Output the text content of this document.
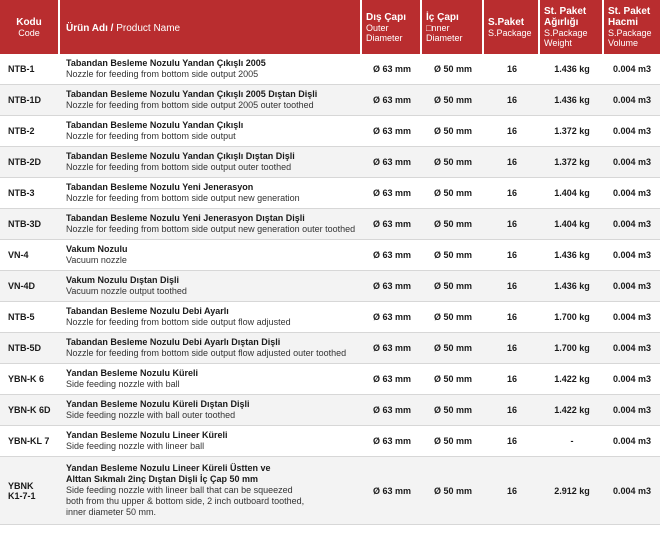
Kodu
Code	Ürün Adı / Product Name	Dış Çapı
Outer
Diameter	İç Çapı
□nner
Diameter	S.Paket
S.Package	St. Paket
Ağırlığı
S.Package
Weight	St. Paket
Hacmi
S.Package
Volume

NTB-1	Tabandan Besleme Nozulu Yandan Çıkışlı 2005
Nozzle for feeding from bottom side output 2005	Ø 63 mm	Ø 50 mm	16	1.436 kg	0.004 m3
NTB-1D	Tabandan Besleme Nozulu Yandan Çıkışlı 2005 Dıştan Dişli
Nozzle for feeding from bottom side output 2005 outer toothed	Ø 63 mm	Ø 50 mm	16	1.436 kg	0.004 m3
NTB-2	Tabandan Besleme Nozulu Yandan Çıkışlı
Nozzle for feeding from bottom side output	Ø 63 mm	Ø 50 mm	16	1.372 kg	0.004 m3
NTB-2D	Tabandan Besleme Nozulu Yandan Çıkışlı Dıştan Dişli
Nozzle for feeding from bottom side output outer toothed	Ø 63 mm	Ø 50 mm	16	1.372 kg	0.004 m3
NTB-3	Tabandan Besleme Nozulu Yeni Jenerasyon
Nozzle for feeding from bottom side output new generation	Ø 63 mm	Ø 50 mm	16	1.404 kg	0.004 m3
NTB-3D	Tabandan Besleme Nozulu Yeni Jenerasyon Dıştan Dişli
Nozzle for feeding from bottom side output new generation outer toothed	Ø 63 mm	Ø 50 mm	16	1.404 kg	0.004 m3
VN-4	Vakum Nozulu
Vacuum nozzle	Ø 63 mm	Ø 50 mm	16	1.436 kg	0.004 m3
VN-4D	Vakum Nozulu Dıştan Dişli
Vacuum nozzle output toothed	Ø 63 mm	Ø 50 mm	16	1.436 kg	0.004 m3
NTB-5	Tabandan Besleme Nozulu Debi Ayarlı
Nozzle for feeding from bottom side output flow adjusted	Ø 63 mm	Ø 50 mm	16	1.700 kg	0.004 m3
NTB-5D	Tabandan Besleme Nozulu Debi Ayarlı Dıştan Dişli
Nozzle for feeding from bottom side output flow adjusted outer toothed	Ø 63 mm	Ø 50 mm	16	1.700 kg	0.004 m3
YBN-K 6	Yandan Besleme Nozulu Küreli
Side feeding nozzle with ball	Ø 63 mm	Ø 50 mm	16	1.422 kg	0.004 m3
YBN-K 6D	Yandan Besleme Nozulu Küreli Dıştan Dişli
Side feeding nozzle with ball outer toothed	Ø 63 mm	Ø 50 mm	16	1.422 kg	0.004 m3
YBN-KL 7	Yandan Besleme Nozulu Lineer Küreli
Side feeding nozzle with lineer ball	Ø 63 mm	Ø 50 mm	16	-	0.004 m3

YBNK
K1-7-1	Yandan Besleme Nozulu Lineer Küreli Üstten ve
Alttan Sıkmalı 2inç Dıştan Dişli İç Çap 50 mm
Side feeding nozzle with lineer ball that can be squeezed
both from thu upper & bottom side, 2 inch outboard toothed,
inner diameter 50 mm.	Ø 63 mm	Ø 50 mm	16	2.912 kg	0.004 m3
